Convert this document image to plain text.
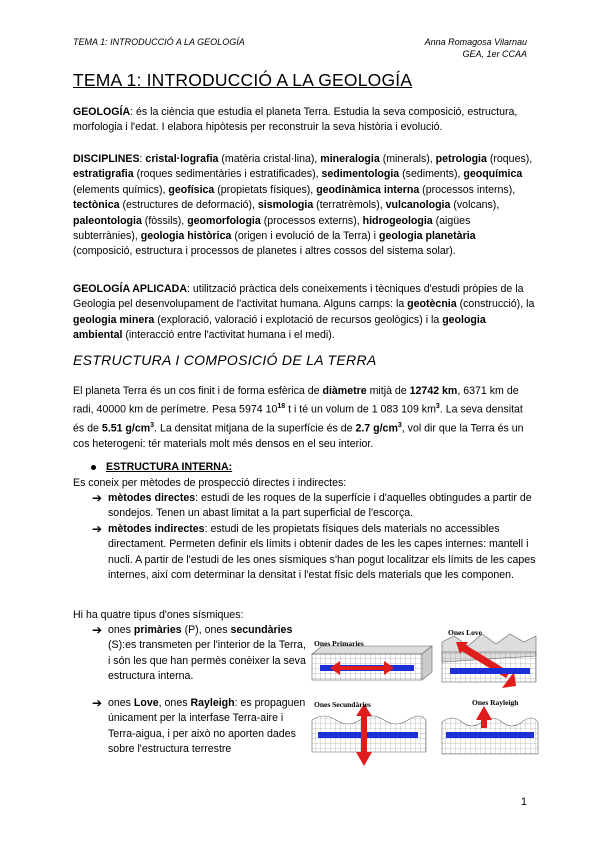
TEMA 1: INTRODUCCIÓ A LA GEOLOGÍA	Anna Romagosa Vilarnau
GEA, 1er CCAA
TEMA 1: INTRODUCCIÓ A LA GEOLOGÍA
GEOLOGÍA: és la ciència que estudia el planeta Terra. Estudia la seva composició, estructura, morfologia i l'edat. I elabora hipòtesis per reconstruir la seva història i evolució.
DISCIPLINES: cristal·lografia (matèria cristal·lina), mineralogia (minerals), petrologia (roques), estratigrafia (roques sedimentàries i estratificades), sedimentologia (sediments), geoquímica (elements químics), geofísica (propietats físiques), geodinàmica interna (processos interns), tectònica (estructures de deformació), sismologia (terratrèmols), vulcanologia (volcans), paleontologia (fòssils), geomorfologia (processos externs), hidrogeologia (aigües subterrànies), geologia històrica (origen i evolució de la Terra) i geologia planetària (composició, estructura i processos de planetes i altres cossos del sistema solar).
GEOLOGÍA APLICADA: utilització pràctica dels coneixements i tècniques d'estudi pròpies de la Geologia pel desenvolupament de l'activitat humana. Alguns camps: la geotècnia (construcció), la geologia minera (exploració, valoració i explotació de recursos geològics) i la geologia ambiental (interacció entre l'activitat humana i el medi).
ESTRUCTURA I COMPOSICIÓ DE LA TERRA
El planeta Terra és un cos finit i de forma esfèrica de diàmetre mitjà de 12742 km, 6371 km de radi, 40000 km de perímetre. Pesa 5974 $10^{18}$ t i té un volum de 1 083 109 $km^3$. La seva densitat és de 5.51 $g/cm^3$. La densitat mitjana de la superfície és de 2.7 $g/cm^3$, vol dir que la Terra és un cos heterogeni: tér materials molt més densos en el seu interior.
ESTRUCTURA INTERNA:
Es coneix per mètodes de prospecció directes i indirectes:
➔ mètodes directes: estudi de les roques de la superfície i d'aquelles obtingudes a partir de sondejos. Tenen un abast limitat a la part superficial de l'escorça.
➔ mètodes indirectes: estudi de les propietats físiques dels materials no accessibles directament. Permeten definir els límits i obtenir dades de les les capes internes: mantell i nucli. A partir de l'estudi de les ones sísmiques s'han pogut localitzar els límits de les capes internes, així com determinar la densitat i l'estat físic dels materials que les componen.
Hi ha quatre tipus d'ones sísmiques:
➔ ones primàries (P), ones secundàries (S):es transmeten per l'interior de la Terra, i són les que han permès conèixer la seva estructura interna.
➔ ones Love, ones Rayleigh: es propaguen únicament per la interfase Terra-aire i Terra-aigua, i per això no aporten dades sobre l'estructura terrestre
Ones Primaries
Ones Love
Ones Secundàries	Ones Rayleigh
1
